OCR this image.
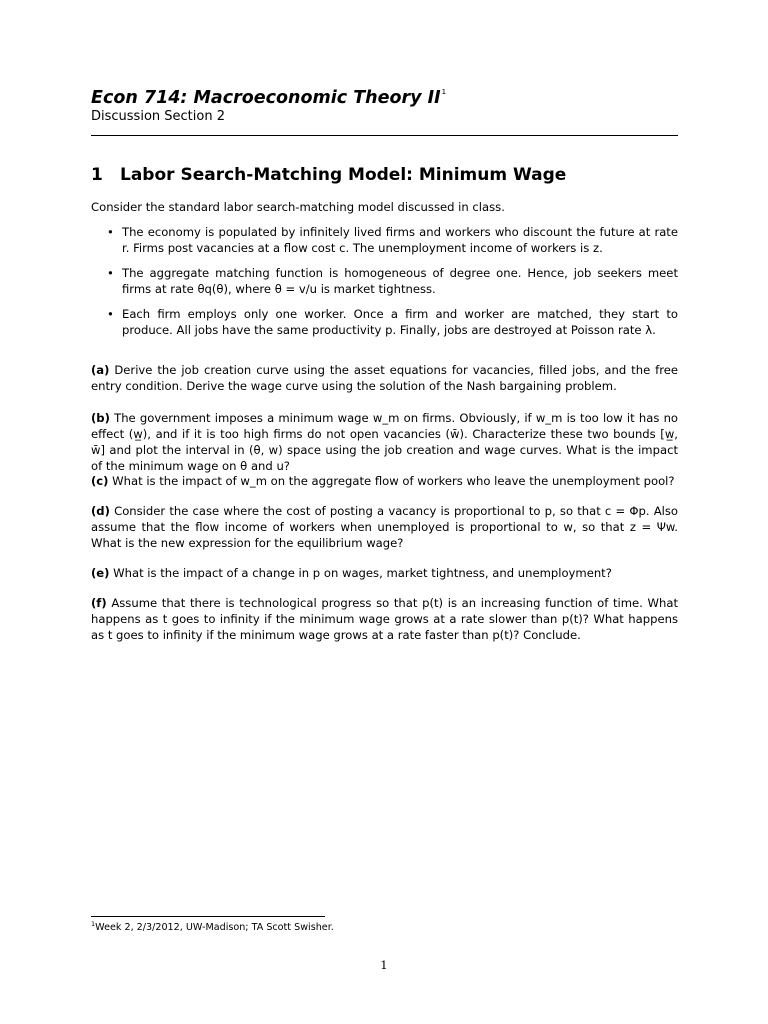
Econ 714: Macroeconomic Theory $II^1$
Discussion Section 2
1 Labor Search-Matching Model: Minimum Wage
Consider the standard labor search-matching model discussed in class.
• The economy is populated by infinitely lived firms and workers who discount the future at rate r. Firms post vacancies at a flow cost c. The unemployment income of workers is z.
• The aggregate matching function is homogeneous of degree one. Hence, job seekers meet firms at rate θq(θ), where θ = v/u is market tightness.
• Each firm employs only one worker. Once a firm and worker are matched, they start to produce. All jobs have the same productivity p. Finally, jobs are destroyed at Poisson rate λ.
(a) Derive the job creation curve using the asset equations for vacancies, filled jobs, and the free entry condition. Derive the wage curve using the solution of the Nash bargaining problem.
(b) The government imposes a minimum wage w_m on firms. Obviously, if w_m is too low it has no effect (w̲), and if it is too high firms do not open vacancies (w̄). Characterize these two bounds [w̲, w̄] and plot the interval in (θ, w) space using the job creation and wage curves. What is the impact of the minimum wage on θ and u?
(c) What is the impact of w_m on the aggregate flow of workers who leave the unemployment pool?
(d) Consider the case where the cost of posting a vacancy is proportional to p, so that c = Φp. Also assume that the flow income of workers when unemployed is proportional to w, so that z = Ψw. What is the new expression for the equilibrium wage?
(e) What is the impact of a change in p on wages, market tightness, and unemployment?
(f) Assume that there is technological progress so that p(t) is an increasing function of time. What happens as t goes to infinity if the minimum wage grows at a rate slower than p(t)? What happens as t goes to infinity if the minimum wage grows at a rate faster than p(t)? Conclude.
$^1$Week 2, 2/3/2012, UW-Madison; TA Scott Swisher.
1
